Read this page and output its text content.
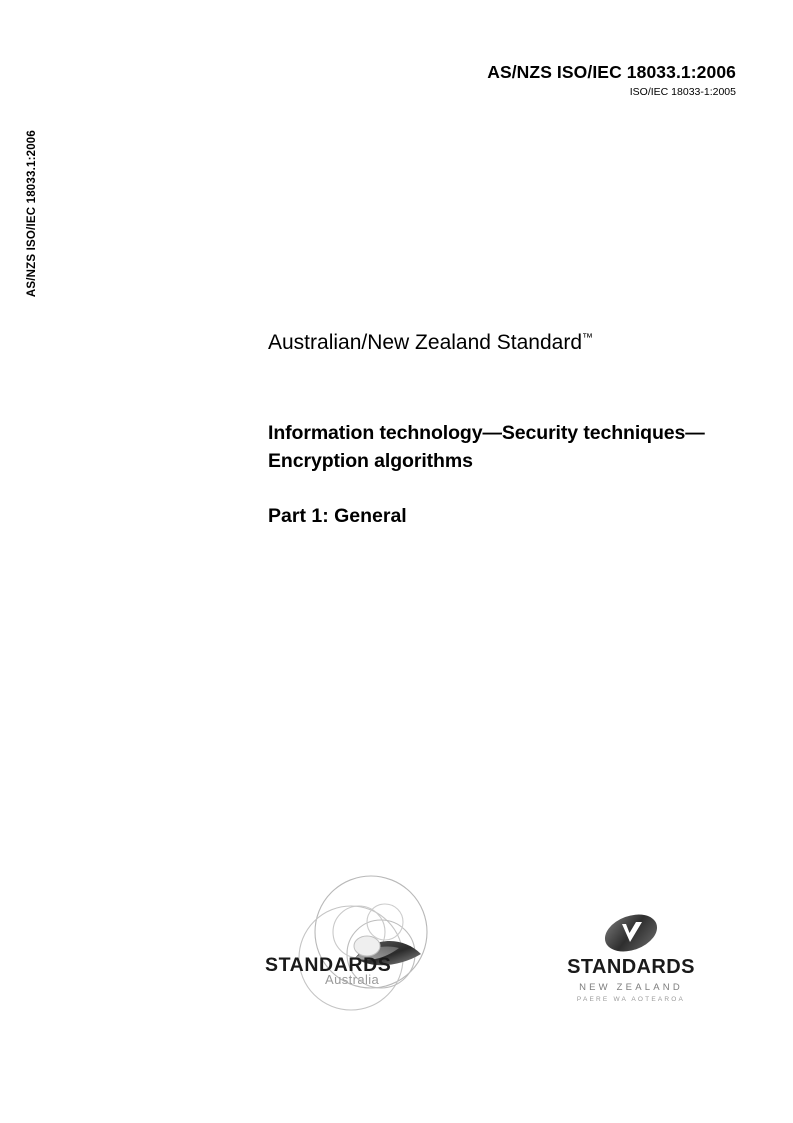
AS/NZS ISO/IEC 18033.1:2006
ISO/IEC 18033-1:2005
AS/NZS ISO/IEC 18033.1:2006
Australian/New Zealand Standard™
Information technology—Security techniques—Encryption algorithms
Part 1: General
STANDARDS
Australia
STANDARDS
NEW ZEALAND
PAERE WA AOTEAROA
